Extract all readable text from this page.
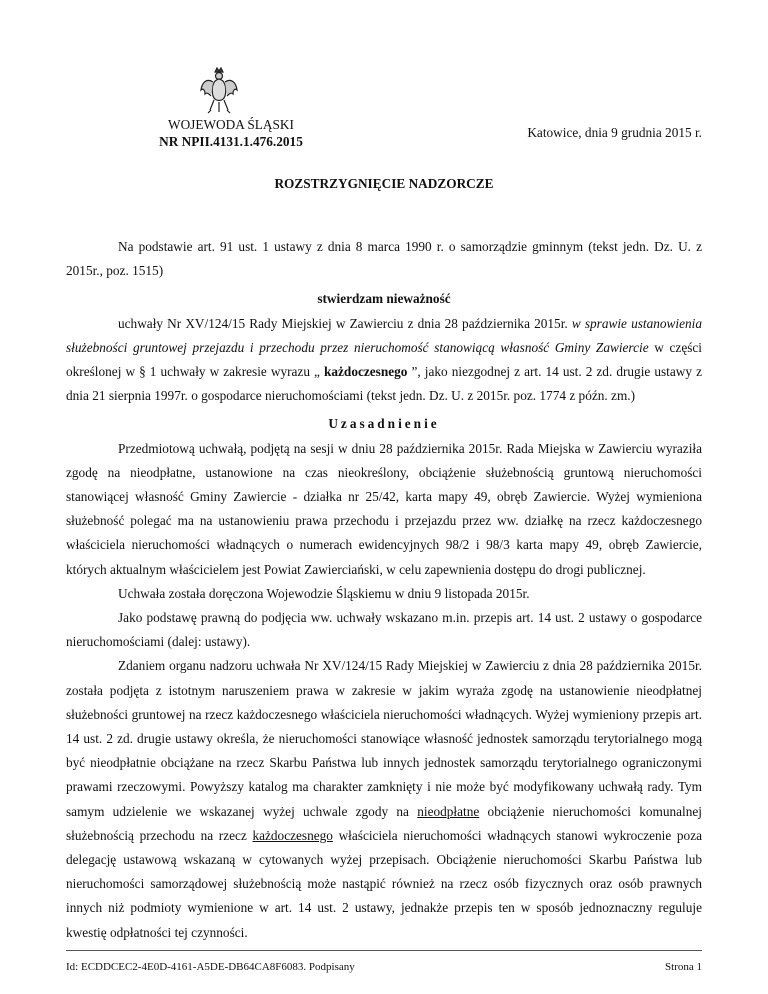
WOJEWODA ŚLĄSKI
NR NPII.4131.1.476.2015
Katowice, dnia 9 grudnia 2015 r.
ROZSTRZYGNIĘCIE NADZORCZE

Na podstawie art. 91 ust. 1 ustawy z dnia 8 marca 1990 r. o samorządzie gminnym (tekst jedn. Dz. U. z 2015r., poz. 1515)

stwierdzam nieważność

uchwały Nr XV/124/15 Rady Miejskiej w Zawierciu z dnia 28 października 2015r. w sprawie ustanowienia służebności gruntowej przejazdu i przechodu przez nieruchomość stanowiącą własność Gminy Zawiercie w części określonej w § 1 uchwały w zakresie wyrazu „ każdoczesnego ”, jako niezgodnej z art. 14 ust. 2 zd. drugie ustawy z dnia 21 sierpnia 1997r. o gospodarce nieruchomościami (tekst jedn. Dz. U. z 2015r. poz. 1774 z późn. zm.)

Uzasadnienie

Przedmiotową uchwałą, podjętą na sesji w dniu 28 października 2015r. Rada Miejska w Zawierciu wyraziła zgodę na nieodpłatne, ustanowione na czas nieokreślony, obciążenie służebnością gruntową nieruchomości stanowiącej własność Gminy Zawiercie - działka nr 25/42, karta mapy 49, obręb Zawiercie. Wyżej wymieniona służebność polegać ma na ustanowieniu prawa przechodu i przejazdu przez ww. działkę na rzecz każdoczesnego właściciela nieruchomości władnących o numerach ewidencyjnych 98/2 i 98/3 karta mapy 49, obręb Zawiercie, których aktualnym właścicielem jest Powiat Zawierciański, w celu zapewnienia dostępu do drogi publicznej.

Uchwała została doręczona Wojewodzie Śląskiemu w dniu 9 listopada 2015r.

Jako podstawę prawną do podjęcia ww. uchwały wskazano m.in. przepis art. 14 ust. 2 ustawy o gospodarce nieruchomościami (dalej: ustawy).

Zdaniem organu nadzoru uchwała Nr XV/124/15 Rady Miejskiej w Zawierciu z dnia 28 października 2015r. została podjęta z istotnym naruszeniem prawa w zakresie w jakim wyraża zgodę na ustanowienie nieodpłatnej służebności gruntowej na rzecz każdoczesnego właściciela nieruchomości władnących. Wyżej wymieniony przepis art. 14 ust. 2 zd. drugie ustawy określa, że nieruchomości stanowiące własność jednostek samorządu terytorialnego mogą być nieodpłatnie obciążane na rzecz Skarbu Państwa lub innych jednostek samorządu terytorialnego ograniczonymi prawami rzeczowymi. Powyższy katalog ma charakter zamknięty i nie może być modyfikowany uchwałą rady. Tym samym udzielenie we wskazanej wyżej uchwale zgody na nieodpłatne obciążenie nieruchomości komunalnej służebnością przechodu na rzecz każdoczesnego właściciela nieruchomości władnących stanowi wykroczenie poza delegację ustawową wskazaną w cytowanych wyżej przepisach. Obciążenie nieruchomości Skarbu Państwa lub nieruchomości samorządowej służebnością może nastąpić również na rzecz osób fizycznych oraz osób prawnych innych niż podmioty wymienione w art. 14 ust. 2 ustawy, jednakże przepis ten w sposób jednoznaczny reguluje kwestię odpłatności tej czynności.

Id: ECDDCEC2-4E0D-4161-A5DE-DB64CA8F6083. Podpisany	Strona 1
